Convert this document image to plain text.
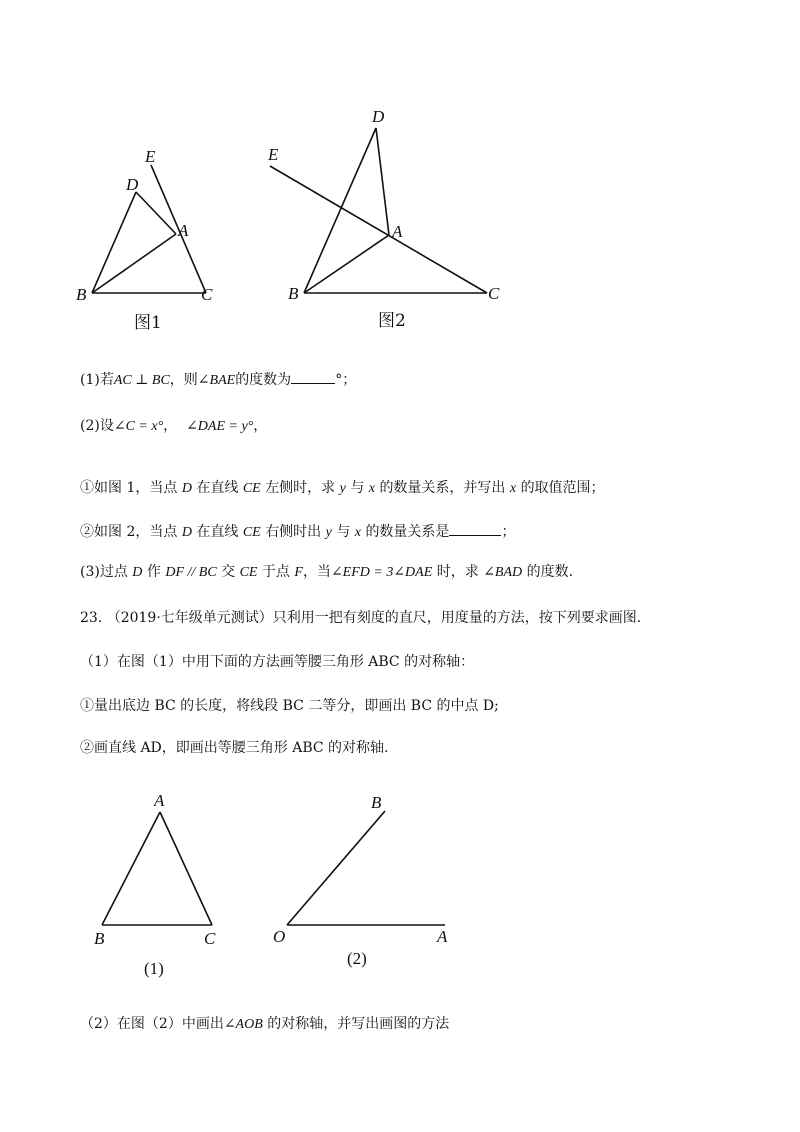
E
D
A
B	C
图1
D
E
A
B	C
图2
(1)若AC ⊥ BC，则∠BAE的度数为	°；
(2)设∠C = x°， ∠DAE = y°，
①如图 1，当点 D 在直线 CE 左侧时，求 y 与 x 的数量关系，并写出 x 的取值范围；
②如图 2，当点 D 在直线 CE 右侧时出 y 与 x 的数量关系是	；
(3)过点 D 作 DF // BC 交 CE 于点 F，当∠EFD = 3∠DAE 时，求 ∠BAD 的度数.
23. （2019·七年级单元测试）只利用一把有刻度的直尺，用度量的方法，按下列要求画图.
（1）在图（1）中用下面的方法画等腰三角形 ABC 的对称轴：
①量出底边 BC 的长度，将线段 BC 二等分，即画出 BC 的中点 D;
②画直线 AD，即画出等腰三角形 ABC 的对称轴.
A
B	C
(1)
B
O	A
(2)
（2）在图（2）中画出∠AOB 的对称轴，并写出画图的方法
